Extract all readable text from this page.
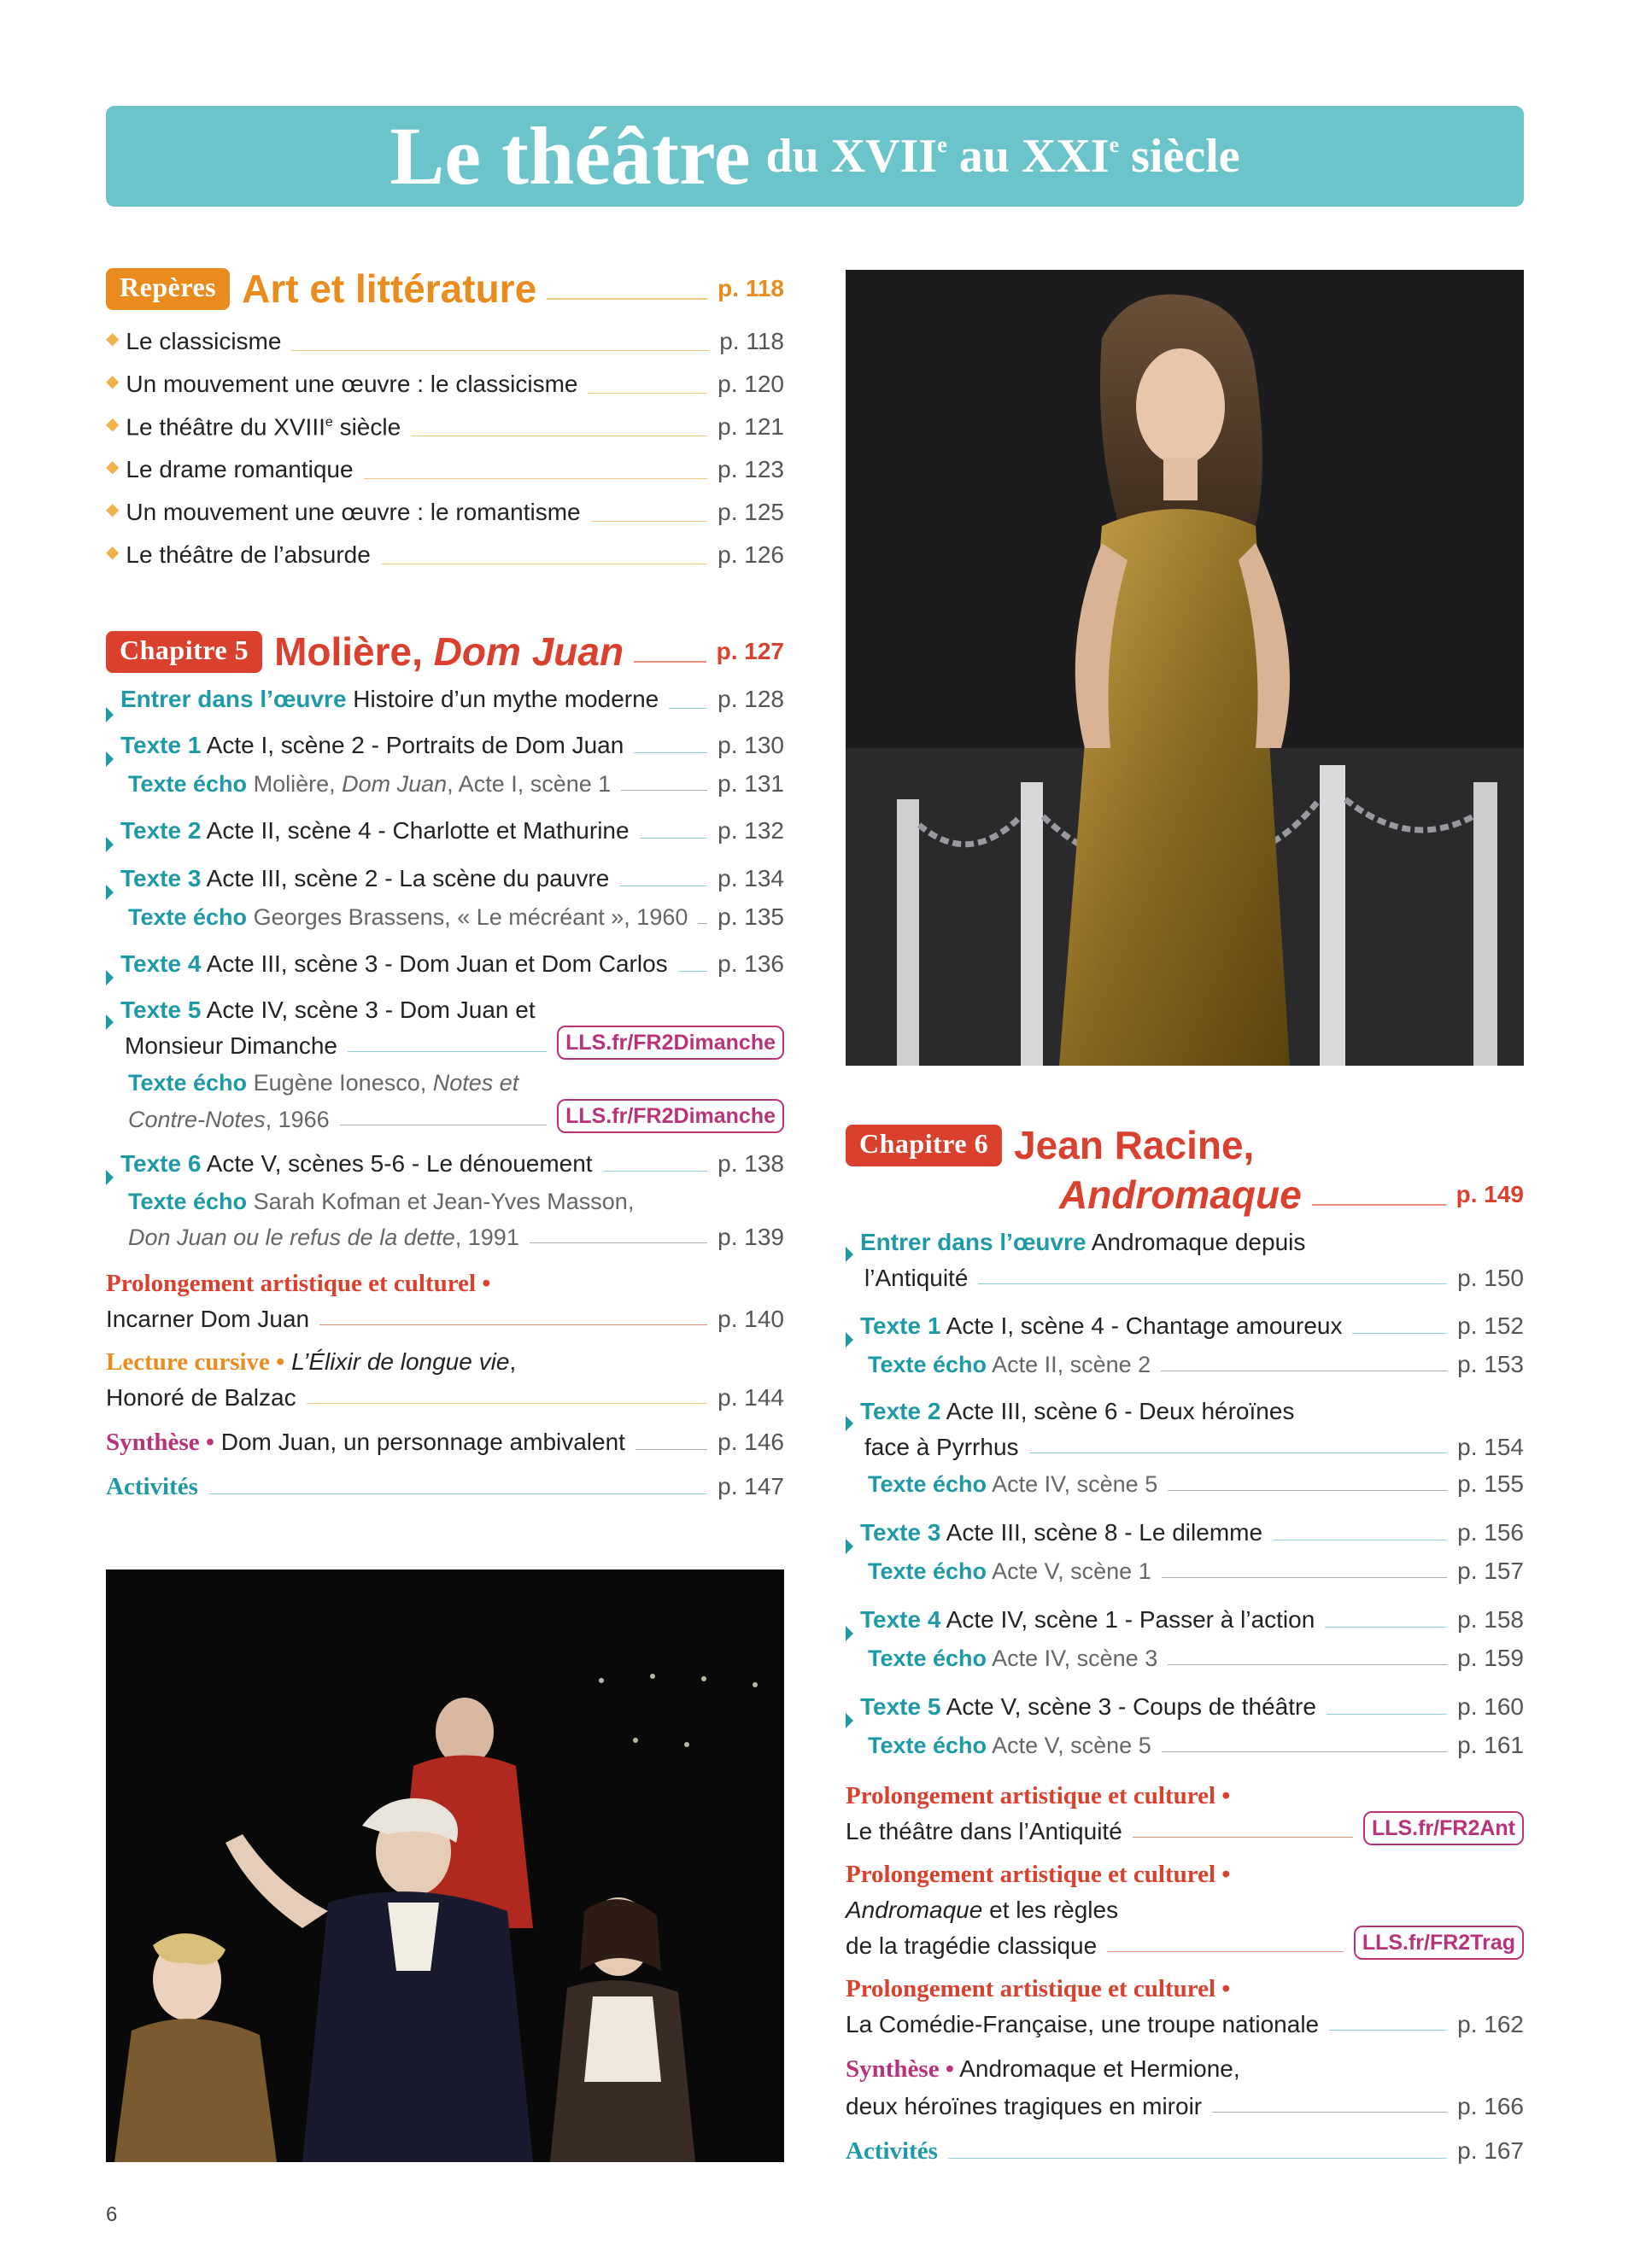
Le théâtre du XVIIe au XXIe siècle
Repères Art et littérature	p. 118
◆ Le classicisme	p. 118
◆ Un mouvement une œuvre : le classicisme	p. 120
◆ Le théâtre du XVIIIe siècle	p. 121
◆ Le drame romantique	p. 123
◆ Un mouvement une œuvre : le romantisme	p. 125
◆ Le théâtre de l’absurde	p. 126
Chapitre 5 Molière, Dom Juan	p. 127
Entrer dans l’œuvre Histoire d’un mythe moderne p. 128
Texte 1 Acte I, scène 2 - Portraits de Dom Juan	p. 130
Texte écho Molière, Dom Juan, Acte I, scène 1	p. 131
Texte 2 Acte II, scène 4 - Charlotte et Mathurine	p. 132
Texte 3 Acte III, scène 2 - La scène du pauvre	p. 134
Texte écho Georges Brassens, « Le mécréant », 1960 p. 135
Texte 4 Acte III, scène 3 - Dom Juan et Dom Carlos p. 136
Texte 5 Acte IV, scène 3 - Dom Juan et
Monsieur Dimanche	LLS.fr/FR2Dimanche
Texte écho Eugène Ionesco, Notes et
Contre-Notes, 1966	LLS.fr/FR2Dimanche
Texte 6 Acte V, scènes 5-6 - Le dénouement	p. 138
Texte écho Sarah Kofman et Jean-Yves Masson,
Don Juan ou le refus de la dette, 1991	p. 139
Prolongement artistique et culturel •
Incarner Dom Juan	p. 140
Lecture cursive • L’Élixir de longue vie,
Honoré de Balzac	p. 144
Synthèse • Dom Juan, un personnage ambivalent	p. 146
Activités	p. 147
Chapitre 6 Jean Racine,
Andromaque	p. 149
Entrer dans l’œuvre Andromaque depuis
l’Antiquité	p. 150
Texte 1 Acte I, scène 4 - Chantage amoureux	p. 152
Texte écho Acte II, scène 2	p. 153
Texte 2 Acte III, scène 6 - Deux héroïnes
face à Pyrrhus	p. 154
Texte écho Acte IV, scène 5	p. 155
Texte 3 Acte III, scène 8 - Le dilemme	p. 156
Texte écho Acte V, scène 1	p. 157
Texte 4 Acte IV, scène 1 - Passer à l’action	p. 158
Texte écho Acte IV, scène 3	p. 159
Texte 5 Acte V, scène 3 - Coups de théâtre	p. 160
Texte écho Acte V, scène 5	p. 161
Prolongement artistique et culturel •
Le théâtre dans l’Antiquité	LLS.fr/FR2Ant
Prolongement artistique et culturel •
Andromaque et les règles
de la tragédie classique	LLS.fr/FR2Trag
Prolongement artistique et culturel •
La Comédie-Française, une troupe nationale	p. 162
Synthèse • Andromaque et Hermione,
deux héroïnes tragiques en miroir	p. 166
Activités	p. 167
6
